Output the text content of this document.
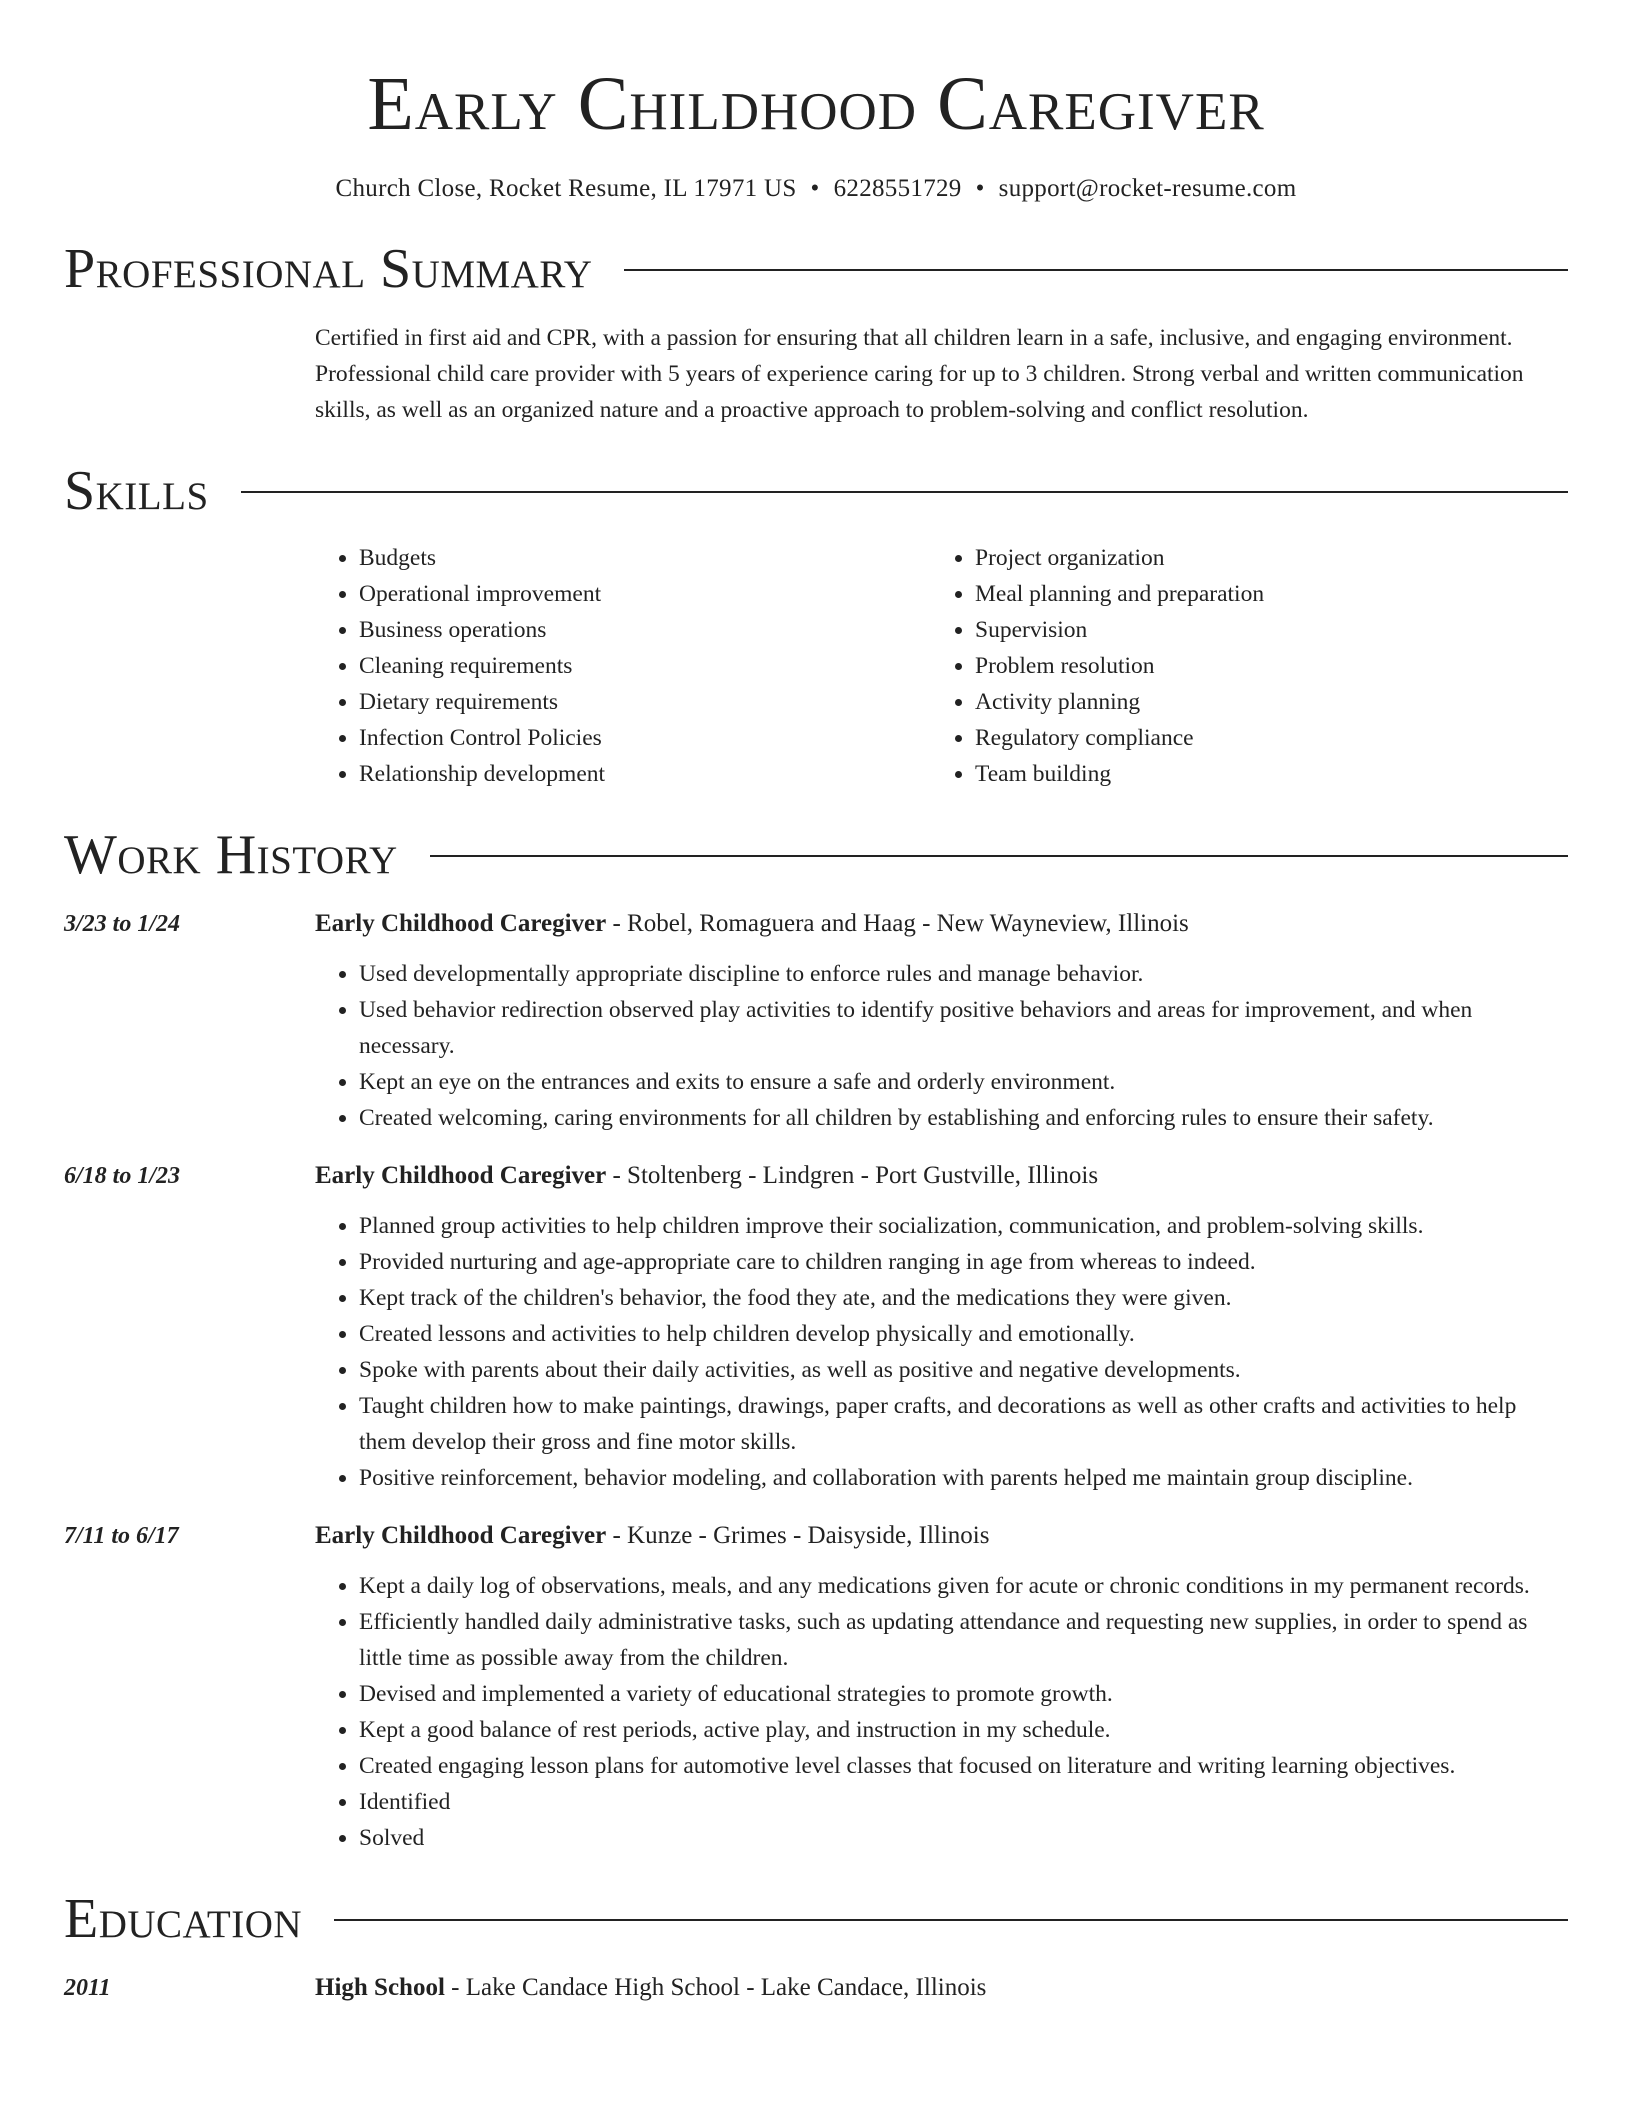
Early Childhood Caregiver
Church Close, Rocket Resume, IL 17971 US • 6228551729 • support@rocket-resume.com
Professional Summary
Certified in first aid and CPR, with a passion for ensuring that all children learn in a safe, inclusive, and engaging environment. Professional child care provider with 5 years of experience caring for up to 3 children. Strong verbal and written communication skills, as well as an organized nature and a proactive approach to problem-solving and conflict resolution.
Skills
• Budgets
• Operational improvement
• Business operations
• Cleaning requirements
• Dietary requirements
• Infection Control Policies
• Relationship development
• Project organization
• Meal planning and preparation
• Supervision
• Problem resolution
• Activity planning
• Regulatory compliance
• Team building
Work History
3/23 to 1/24	Early Childhood Caregiver - Robel, Romaguera and Haag - New Wayneview, Illinois
• Used developmentally appropriate discipline to enforce rules and manage behavior.
• Used behavior redirection observed play activities to identify positive behaviors and areas for improvement, and when necessary.
• Kept an eye on the entrances and exits to ensure a safe and orderly environment.
• Created welcoming, caring environments for all children by establishing and enforcing rules to ensure their safety.
6/18 to 1/23	Early Childhood Caregiver - Stoltenberg - Lindgren - Port Gustville, Illinois
• Planned group activities to help children improve their socialization, communication, and problem-solving skills.
• Provided nurturing and age-appropriate care to children ranging in age from whereas to indeed.
• Kept track of the children's behavior, the food they ate, and the medications they were given.
• Created lessons and activities to help children develop physically and emotionally.
• Spoke with parents about their daily activities, as well as positive and negative developments.
• Taught children how to make paintings, drawings, paper crafts, and decorations as well as other crafts and activities to help them develop their gross and fine motor skills.
• Positive reinforcement, behavior modeling, and collaboration with parents helped me maintain group discipline.
7/11 to 6/17	Early Childhood Caregiver - Kunze - Grimes - Daisyside, Illinois
• Kept a daily log of observations, meals, and any medications given for acute or chronic conditions in my permanent records.
• Efficiently handled daily administrative tasks, such as updating attendance and requesting new supplies, in order to spend as little time as possible away from the children.
• Devised and implemented a variety of educational strategies to promote growth.
• Kept a good balance of rest periods, active play, and instruction in my schedule.
• Created engaging lesson plans for automotive level classes that focused on literature and writing learning objectives.
• Identified
• Solved
Education
2011	High School - Lake Candace High School - Lake Candace, Illinois
